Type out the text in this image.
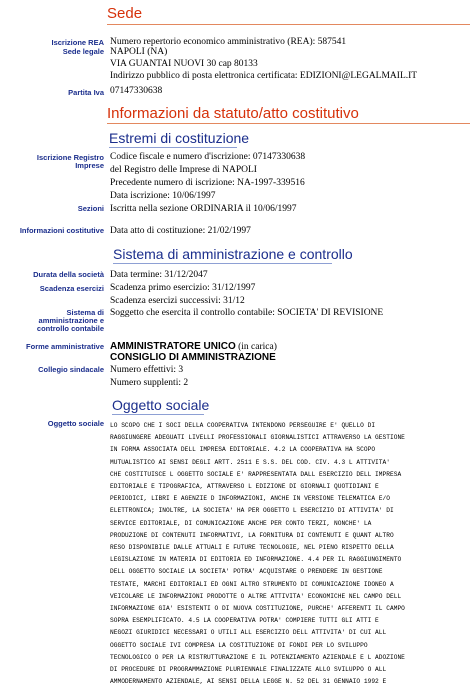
Sede
Iscrizione REA Numero repertorio economico amministrativo (REA): 587541
Sede legale NAPOLI (NA)
VIA GUANTAI NUOVI 30 cap 80133
Indirizzo pubblico di posta elettronica certificata: EDIZIONI@LEGALMAIL.IT
Partita Iva 07147330638
Informazioni da statuto/atto costitutivo
Estremi di costituzione
Iscrizione Registro Imprese
Codice fiscale e numero d'iscrizione: 07147330638
del Registro delle Imprese di NAPOLI
Precedente numero di iscrizione: NA-1997-339516
Data iscrizione: 10/06/1997
Sezioni Iscritta nella sezione ORDINARIA il 10/06/1997
Informazioni costitutive Data atto di costituzione: 21/02/1997
Sistema di amministrazione e controllo
Durata della società Data termine: 31/12/2047
Scadenza esercizi Scadenza primo esercizio: 31/12/1997
Scadenza esercizi successivi: 31/12
Sistema di amministrazione e controllo contabile
Soggetto che esercita il controllo contabile: SOCIETA' DI REVISIONE
Forme amministrative AMMINISTRATORE UNICO (in carica)
CONSIGLIO DI AMMINISTRAZIONE
Collegio sindacale Numero effettivi: 3
Numero supplenti: 2
Oggetto sociale
Oggetto sociale LO SCOPO CHE I SOCI DELLA COOPERATIVA INTENDONO PERSEGUIRE E' QUELLO DI
RAGGIUNGERE ADEGUATI LIVELLI PROFESSIONALI GIORNALISTICI ATTRAVERSO LA GESTIONE
IN FORMA ASSOCIATA DELL IMPRESA EDITORIALE. 4.2 LA COOPERATIVA HA SCOPO
MUTUALISTICO AI SENSI DEGLI ARTT. 2511 E S.S. DEL COD. CIV. 4.3 L ATTIVITA'
CHE COSTITUISCE L OGGETTO SOCIALE E' RAPPRESENTATA DALL ESERCIZIO DELL IMPRESA
EDITORIALE E TIPOGRAFICA, ATTRAVERSO L EDIZIONE DI GIORNALI QUOTIDIANI E
PERIODICI, LIBRI E AGENZIE D INFORMAZIONI, ANCHE IN VERSIONE TELEMATICA E/O
ELETTRONICA; INOLTRE, LA SOCIETA' HA PER OGGETTO L ESERCIZIO DI ATTIVITA' DI
SERVICE EDITORIALE, DI COMUNICAZIONE ANCHE PER CONTO TERZI, NONCHE' LA
PRODUZIONE DI CONTENUTI INFORMATIVI, LA FORNITURA DI CONTENUTI E QUANT ALTRO
RESO DISPONIBILE DALLE ATTUALI E FUTURE TECNOLOGIE, NEL PIENO RISPETTO DELLA
LEGISLAZIONE IN MATERIA DI EDITORIA ED INFORMAZIONE. 4.4 PER IL RAGGIUNGIMENTO
DELL OGGETTO SOCIALE LA SOCIETA' POTRA' ACQUISTARE O PRENDERE IN GESTIONE
TESTATE, MARCHI EDITORIALI ED OGNI ALTRO STRUMENTO DI COMUNICAZIONE IDONEO A
VEICOLARE LE INFORMAZIONI PRODOTTE O ALTRE ATTIVITA' ECONOMICHE NEL CAMPO DELL
INFORMAZIONE GIA' ESISTENTI O DI NUOVA COSTITUZIONE, PURCHE' AFFERENTI IL CAMPO
SOPRA ESEMPLIFICATO. 4.5 LA COOPERATIVA POTRA' COMPIERE TUTTI GLI ATTI E
NEGOZI GIURIDICI NECESSARI O UTILI ALL ESERCIZIO DELL ATTIVITA' DI CUI ALL
OGGETTO SOCIALE IVI COMPRESA LA COSTITUZIONE DI FONDI PER LO SVILUPPO
TECNOLOGICO O PER LA RISTRUTTURAZIONE E IL POTENZIAMENTO AZIENDALE E L ADOZIONE
DI PROCEDURE DI PROGRAMMAZIONE PLURIENNALE FINALIZZATE ALLO SVILUPPO O ALL
AMMODERNAMENTO AZIENDALE, AI SENSI DELLA LEGGE N. 52 DEL 31 GENNAIO 1992 E
